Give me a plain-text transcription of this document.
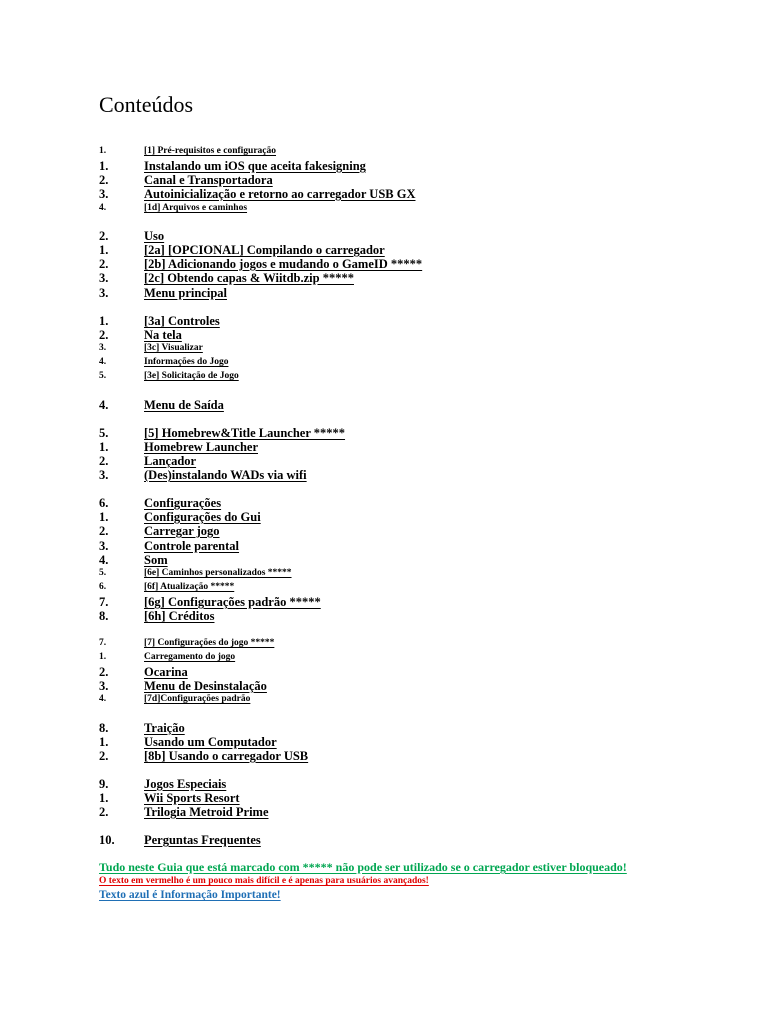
Conteúdos
1.	[1] Pré-requisitos e configuração
1.	Instalando um iOS que aceita fakesigning
2.	Canal e Transportadora
3.	Autoinicialização e retorno ao carregador USB GX
4.	[1d] Arquivos e caminhos
2.	Uso
1.	[2a] [OPCIONAL] Compilando o carregador
2.	[2b] Adicionando jogos e mudando o GameID *****
3.	[2c] Obtendo capas & Wiitdb.zip *****
3.	Menu principal
1.	[3a] Controles
2.	Na tela
3.	[3c] Visualizar
4.	Informações do Jogo
5.	[3e] Solicitação de Jogo
4.	Menu de Saída
5.	[5] Homebrew&Title Launcher *****
1.	Homebrew Launcher
2.	Lançador
3.	(Des)instalando WADs via wifi
6.	Configurações
1.	Configurações do Gui
2.	Carregar jogo
3.	Controle parental
4.	Som
5.	[6e] Caminhos personalizados *****
6.	[6f] Atualização *****
7.	[6g] Configurações padrão *****
8.	[6h] Créditos
7.	[7] Configurações do jogo *****
1.	Carregamento do jogo
2.	Ocarina
3.	Menu de Desinstalação
4.	[7d]Configurações padrão
8.	Traição
1.	Usando um Computador
2.	[8b] Usando o carregador USB
9.	Jogos Especiais
1.	Wii Sports Resort
2.	Trilogia Metroid Prime
10. Perguntas Frequentes
Tudo neste Guia que está marcado com ***** não pode ser utilizado se o carregador estiver bloqueado!
O texto em vermelho é um pouco mais difícil e é apenas para usuários avançados!
Texto azul é Informação Importante!
